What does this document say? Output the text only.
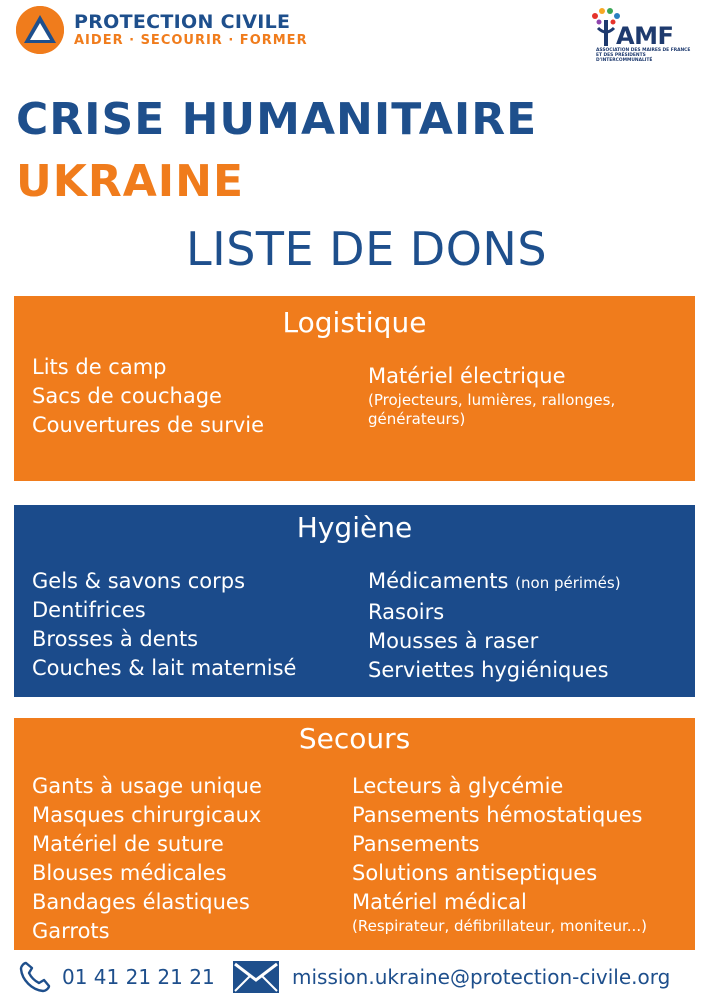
PROTECTION CIVILE
AIDER · SECOURIR · FORMER	AMF
ASSOCIATION DES MAIRES DE FRANCE ET DES PRÉSIDENTS D'INTERCOMMUNALITÉ
CRISE HUMANITAIRE
UKRAINE
LISTE DE DONS
Logistique
Lits de camp
Sacs de couchage
Couvertures de survie
Matériel électrique
(Projecteurs, lumières, rallonges, générateurs)
Hygiène
Gels & savons corps
Dentifrices
Brosses à dents
Couches & lait maternisé
Médicaments (non périmés)
Rasoirs
Mousses à raser
Serviettes hygiéniques
Secours
Gants à usage unique
Masques chirurgicaux
Matériel de suture
Blouses médicales
Bandages élastiques
Garrots
Lecteurs à glycémie
Pansements hémostatiques
Pansements
Solutions antiseptiques
Matériel médical
(Respirateur, défibrillateur, moniteur...)
01 41 21 21 21	mission.ukraine@protection-civile.org
